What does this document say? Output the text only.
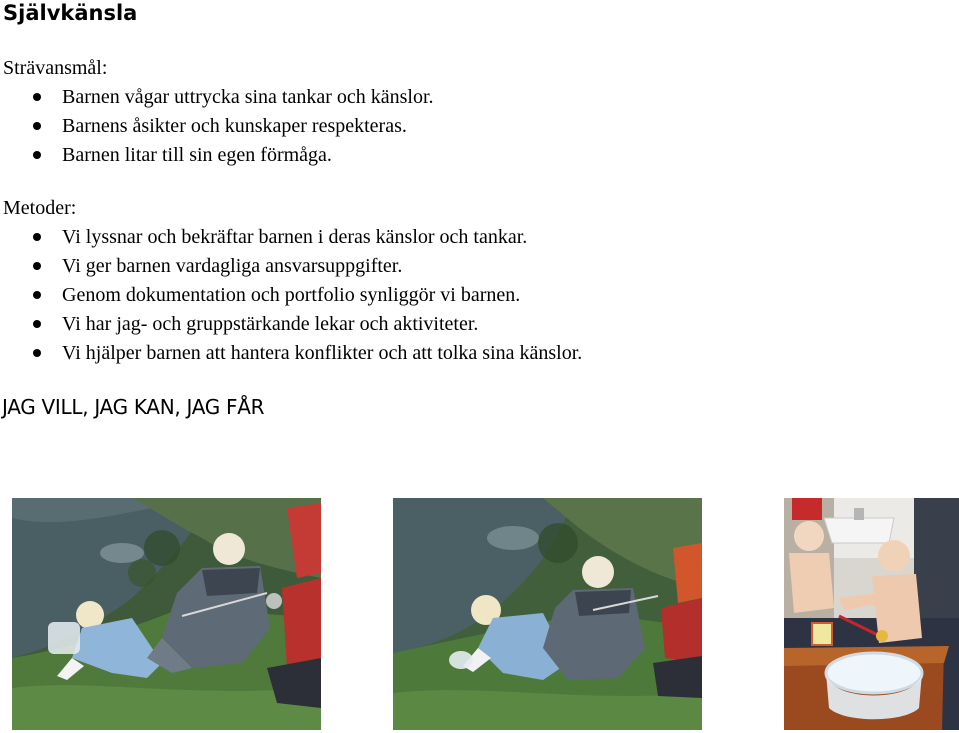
Självkänsla
Strävansmål:
Barnen vågar uttrycka sina tankar och känslor.
Barnens åsikter och kunskaper respekteras.
Barnen litar till sin egen förmåga.
Metoder:
Vi lyssnar och bekräftar barnen i deras känslor och tankar.
Vi ger barnen vardagliga ansvarsuppgifter.
Genom dokumentation och portfolio synliggör vi barnen.
Vi har jag- och gruppstärkande lekar och aktiviteter.
Vi hjälper barnen att hantera konflikter och att tolka sina känslor.
JAG VILL, JAG KAN, JAG FÅR
